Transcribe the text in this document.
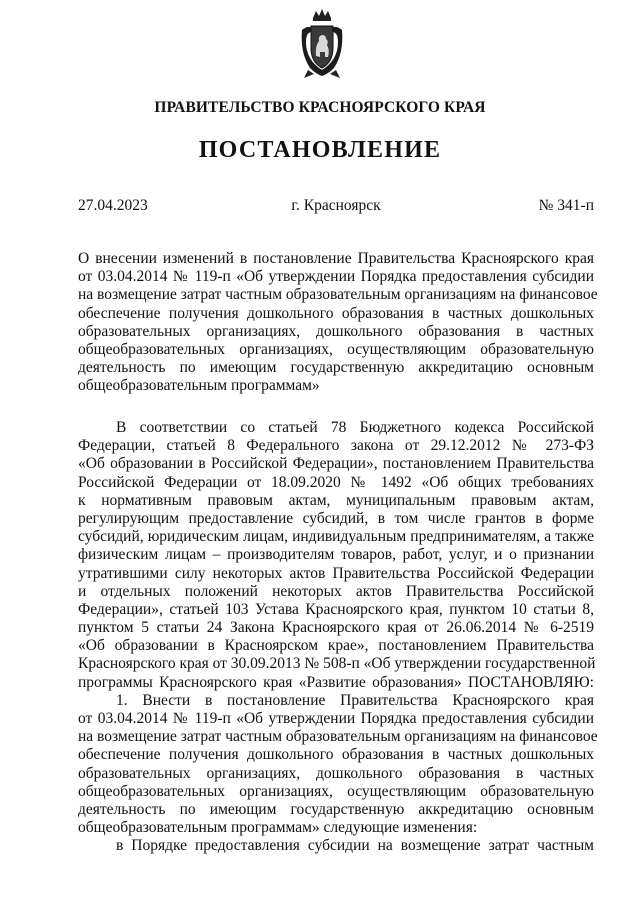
ПРАВИТЕЛЬСТВО КРАСНОЯРСКОГО КРАЯ
ПОСТАНОВЛЕНИЕ
27.04.2023	г. Красноярск	№ 341-п
О внесении изменений в постановление Правительства Красноярского края
от 03.04.2014 № 119-п «Об утверждении Порядка предоставления субсидии
на возмещение затрат частным образовательным организациям на финансовое
обеспечение получения дошкольного образования в частных дошкольных
образовательных организациях, дошкольного образования в частных
общеобразовательных организациях, осуществляющим образовательную
деятельность по имеющим государственную аккредитацию основным
общеобразовательным программам»
В соответствии со статьей 78 Бюджетного кодекса Российской
Федерации, статьей 8 Федерального закона от 29.12.2012 № 273-ФЗ
«Об образовании в Российской Федерации», постановлением Правительства
Российской Федерации от 18.09.2020 № 1492 «Об общих требованиях
к нормативным правовым актам, муниципальным правовым актам,
регулирующим предоставление субсидий, в том числе грантов в форме
субсидий, юридическим лицам, индивидуальным предпринимателям, а также
физическим лицам – производителям товаров, работ, услуг, и о признании
утратившими силу некоторых актов Правительства Российской Федерации
и отдельных положений некоторых актов Правительства Российской
Федерации», статьей 103 Устава Красноярского края, пунктом 10 статьи 8,
пунктом 5 статьи 24 Закона Красноярского края от 26.06.2014 № 6-2519
«Об образовании в Красноярском крае», постановлением Правительства
Красноярского края от 30.09.2013 № 508-п «Об утверждении государственной
программы Красноярского края «Развитие образования» ПОСТАНОВЛЯЮ:
1. Внести в постановление Правительства Красноярского края
от 03.04.2014 № 119-п «Об утверждении Порядка предоставления субсидии
на возмещение затрат частным образовательным организациям на финансовое
обеспечение получения дошкольного образования в частных дошкольных
образовательных организациях, дошкольного образования в частных
общеобразовательных организациях, осуществляющим образовательную
деятельность по имеющим государственную аккредитацию основным
общеобразовательным программам» следующие изменения:
в Порядке предоставления субсидии на возмещение затрат частным
